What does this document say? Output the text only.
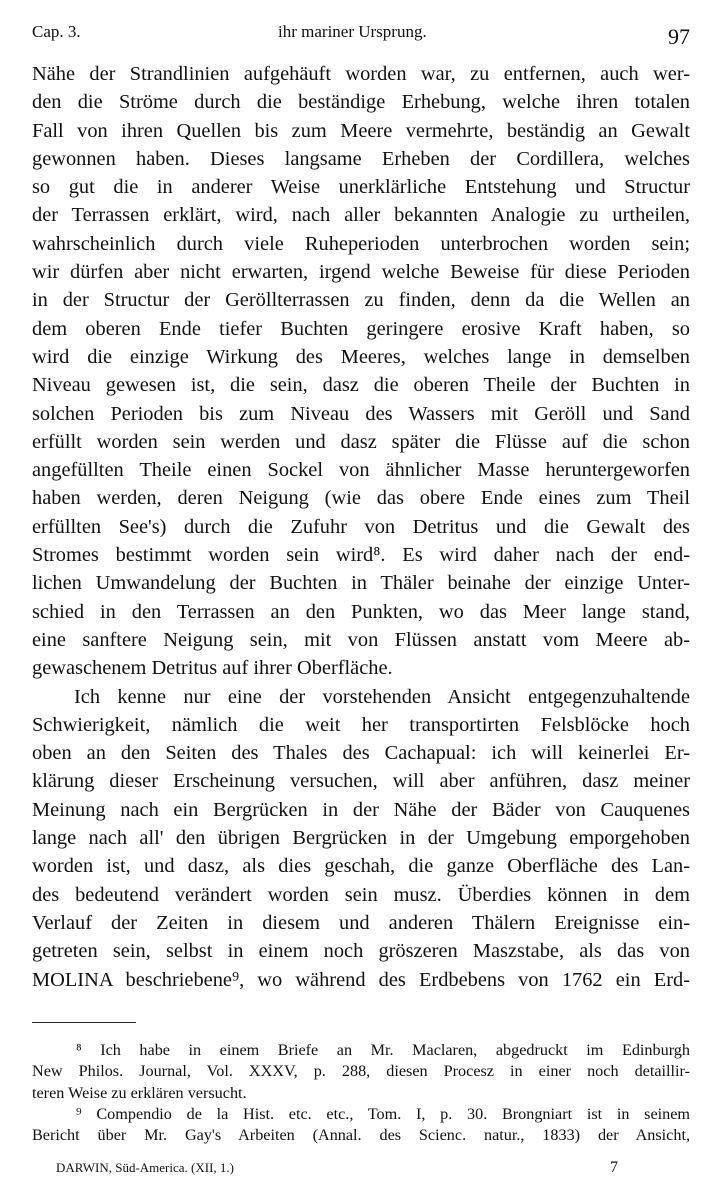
Cap. 3.	ihr mariner Ursprung.	97
Nähe der Strandlinien aufgehäuft worden war, zu entfernen, auch wer-
den die Ströme durch die beständige Erhebung, welche ihren totalen
Fall von ihren Quellen bis zum Meere vermehrte, beständig an Gewalt
gewonnen haben. Dieses langsame Erheben der Cordillera, welches
so gut die in anderer Weise unerklärliche Entstehung und Structur
der Terrassen erklärt, wird, nach aller bekannten Analogie zu urtheilen,
wahrscheinlich durch viele Ruheperioden unterbrochen worden sein;
wir dürfen aber nicht erwarten, irgend welche Beweise für diese Perioden
in der Structur der Geröllterrassen zu finden, denn da die Wellen an
dem oberen Ende tiefer Buchten geringere erosive Kraft haben, so
wird die einzige Wirkung des Meeres, welches lange in demselben
Niveau gewesen ist, die sein, dasz die oberen Theile der Buchten in
solchen Perioden bis zum Niveau des Wassers mit Geröll und Sand
erfüllt worden sein werden und dasz später die Flüsse auf die schon
angefüllten Theile einen Sockel von ähnlicher Masse heruntergeworfen
haben werden, deren Neigung (wie das obere Ende eines zum Theil
erfüllten See's) durch die Zufuhr von Detritus und die Gewalt des
Stromes bestimmt worden sein wird⁸. Es wird daher nach der end-
lichen Umwandelung der Buchten in Thäler beinahe der einzige Unter-
schied in den Terrassen an den Punkten, wo das Meer lange stand,
eine sanftere Neigung sein, mit von Flüssen anstatt vom Meere ab-
gewaschenem Detritus auf ihrer Oberfläche.
Ich kenne nur eine der vorstehenden Ansicht entgegenzuhaltende
Schwierigkeit, nämlich die weit her transportirten Felsblöcke hoch
oben an den Seiten des Thales des Cachapual: ich will keinerlei Er-
klärung dieser Erscheinung versuchen, will aber anführen, dasz meiner
Meinung nach ein Bergrücken in der Nähe der Bäder von Cauquenes
lange nach all' den übrigen Bergrücken in der Umgebung emporgehoben
worden ist, und dasz, als dies geschah, die ganze Oberfläche des Lan-
des bedeutend verändert worden sein musz. Überdies können in dem
Verlauf der Zeiten in diesem und anderen Thälern Ereignisse ein-
getreten sein, selbst in einem noch gröszeren Maszstabe, als das von
MOLINA beschriebene⁹, wo während des Erdbebens von 1762 ein Erd-
⁸ Ich habe in einem Briefe an Mr. Maclaren, abgedruckt im Edinburgh
New Philos. Journal, Vol. XXXV, p. 288, diesen Procesz in einer noch detaillir-
teren Weise zu erklären versucht.
⁹ Compendio de la Hist. etc. etc., Tom. I, p. 30. Brongniart ist in seinem
Bericht über Mr. Gay's Arbeiten (Annal. des Scienc. natur., 1833) der Ansicht,
DARWIN, Süd-America. (XII, 1.)	7
